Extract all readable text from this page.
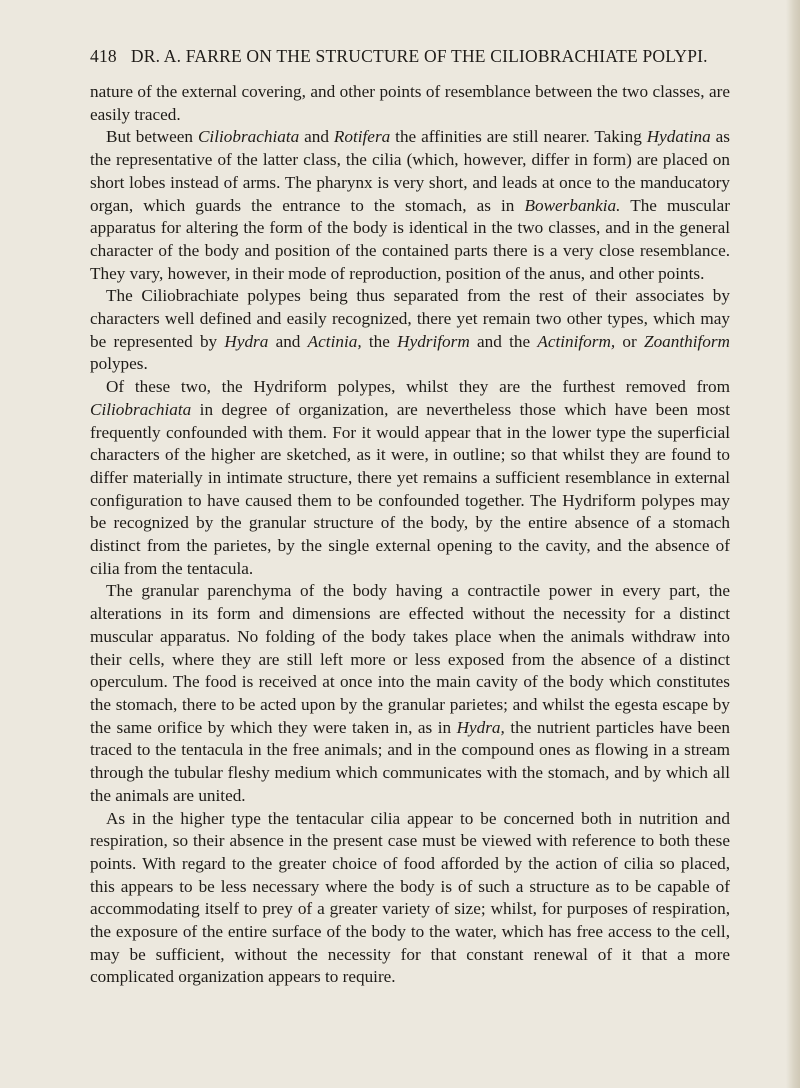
418 DR. A. FARRE ON THE STRUCTURE OF THE CILIOBRACHIATE POLYPI.

nature of the external covering, and other points of resemblance between the two classes, are easily traced.

But between Ciliobrachiata and Rotifera the affinities are still nearer. Taking Hydatina as the representative of the latter class, the cilia (which, however, differ in form) are placed on short lobes instead of arms. The pharynx is very short, and leads at once to the manducatory organ, which guards the entrance to the stomach, as in Bowerbankia. The muscular apparatus for altering the form of the body is identical in the two classes, and in the general character of the body and position of the contained parts there is a very close resemblance. They vary, however, in their mode of reproduction, position of the anus, and other points.

The Ciliobrachiate polypes being thus separated from the rest of their associates by characters well defined and easily recognized, there yet remain two other types, which may be represented by Hydra and Actinia, the Hydriform and the Actiniform, or Zoanthiform polypes.

Of these two, the Hydriform polypes, whilst they are the furthest removed from Ciliobrachiata in degree of organization, are nevertheless those which have been most frequently confounded with them. For it would appear that in the lower type the superficial characters of the higher are sketched, as it were, in outline; so that whilst they are found to differ materially in intimate structure, there yet remains a sufficient resemblance in external configuration to have caused them to be confounded together. The Hydriform polypes may be recognized by the granular structure of the body, by the entire absence of a stomach distinct from the parietes, by the single external opening to the cavity, and the absence of cilia from the tentacula.

The granular parenchyma of the body having a contractile power in every part, the alterations in its form and dimensions are effected without the necessity for a distinct muscular apparatus. No folding of the body takes place when the animals withdraw into their cells, where they are still left more or less exposed from the absence of a distinct operculum. The food is received at once into the main cavity of the body which constitutes the stomach, there to be acted upon by the granular parietes; and whilst the egesta escape by the same orifice by which they were taken in, as in Hydra, the nutrient particles have been traced to the tentacula in the free animals; and in the compound ones as flowing in a stream through the tubular fleshy medium which communicates with the stomach, and by which all the animals are united.

As in the higher type the tentacular cilia appear to be concerned both in nutrition and respiration, so their absence in the present case must be viewed with reference to both these points. With regard to the greater choice of food afforded by the action of cilia so placed, this appears to be less necessary where the body is of such a structure as to be capable of accommodating itself to prey of a greater variety of size; whilst, for purposes of respiration, the exposure of the entire surface of the body to the water, which has free access to the cell, may be sufficient, without the necessity for that constant renewal of it that a more complicated organization appears to require.
